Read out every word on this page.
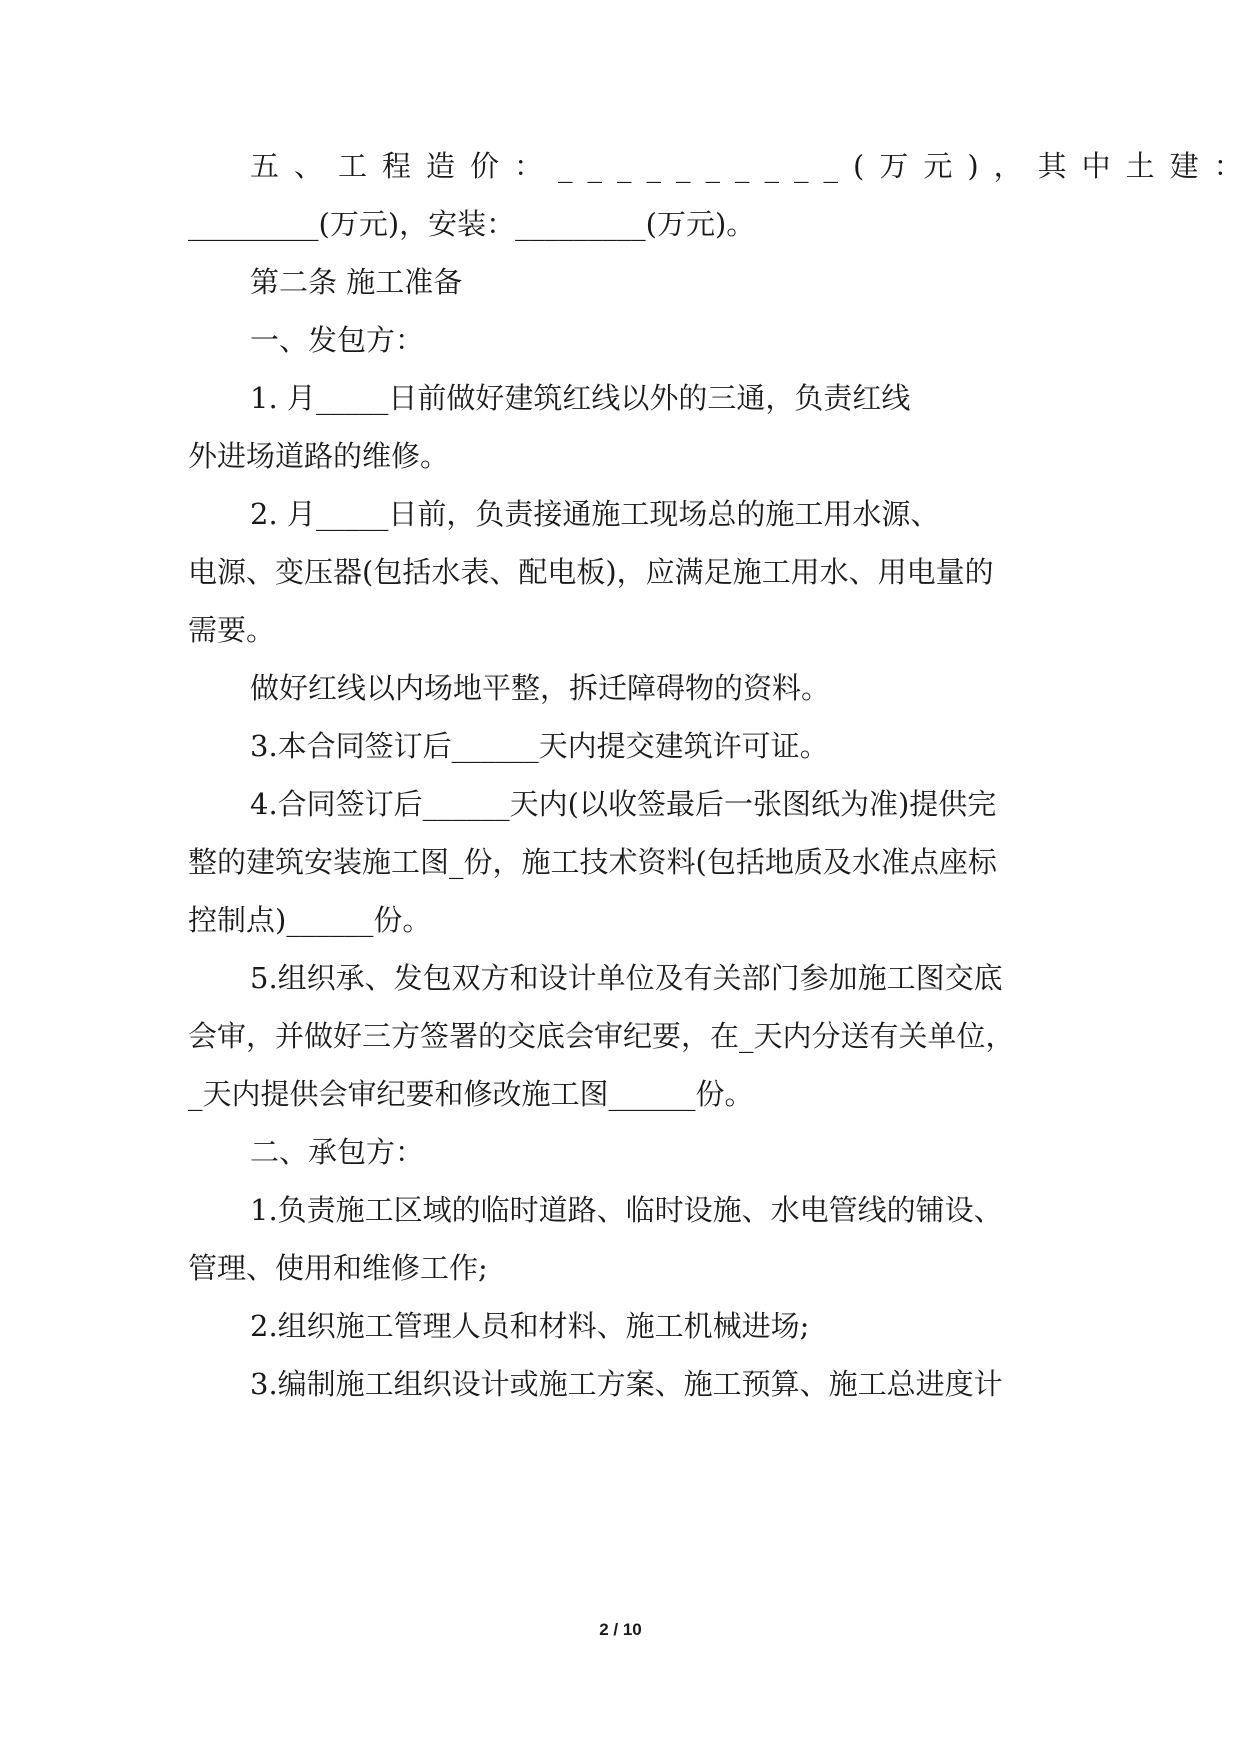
五、工程造价：__________(万元)，其中土建：
_________(万元)，安装：_________(万元)。
第二条 施工准备
一、发包方：
1. 月_____日前做好建筑红线以外的三通，负责红线
外进场道路的维修。
2. 月_____日前，负责接通施工现场总的施工用水源、
电源、变压器(包括水表、配电板)，应满足施工用水、用电量的
需要。
做好红线以内场地平整，拆迁障碍物的资料。
3.本合同签订后______天内提交建筑许可证。
4.合同签订后______天内(以收签最后一张图纸为准)提供完
整的建筑安装施工图_份，施工技术资料(包括地质及水准点座标
控制点)______份。
5.组织承、发包双方和设计单位及有关部门参加施工图交底
会审，并做好三方签署的交底会审纪要，在_天内分送有关单位，
_天内提供会审纪要和修改施工图______份。
二、承包方：
1.负责施工区域的临时道路、临时设施、水电管线的铺设、
管理、使用和维修工作;
2.组织施工管理人员和材料、施工机械进场;
3.编制施工组织设计或施工方案、施工预算、施工总进度计
2 / 10
